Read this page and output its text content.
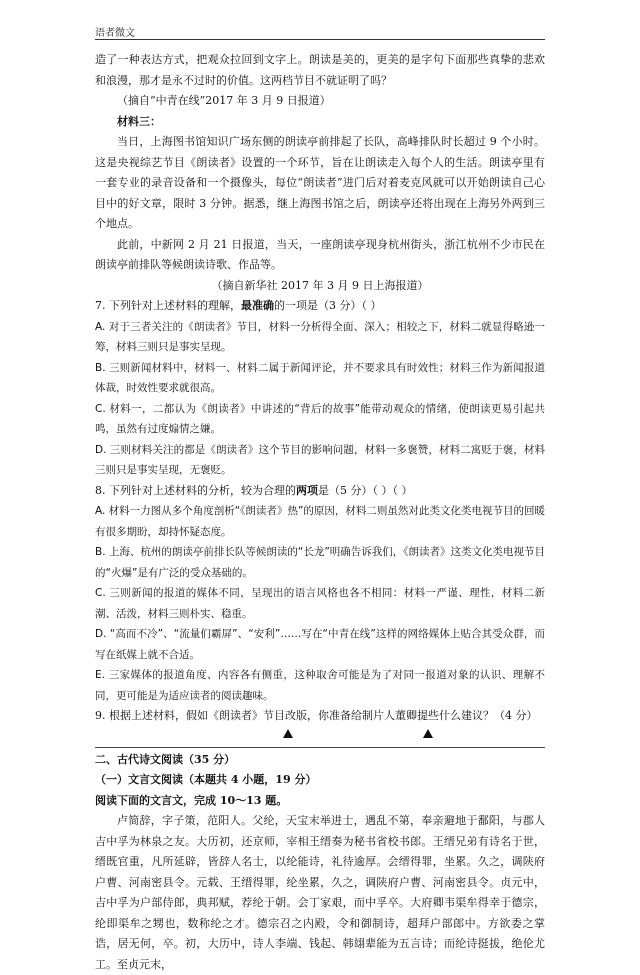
语者微文

造了一种表达方式，把观众拉回到文字上。朗读是美的，更美的是字句下面那些真挚的悲欢和浪漫，那才是永不过时的价值。这两档节目不就证明了吗？

（摘自“中青在线”2017 年 3 月 9 日报道）

材料三：

当日，上海图书馆知识广场东侧的朗读亭前排起了长队，高峰排队时长超过 9 个小时。这是央视综艺节目《朗读者》设置的一个环节，旨在让朗读走入每个人的生活。朗读亭里有一套专业的录音设备和一个摄像头，每位“朗读者”进门后对着麦克风就可以开始朗读自己心目中的好文章，限时 3 分钟。据悉，继上海图书馆之后，朗读亭还将出现在上海另外两到三个地点。

此前，中新网 2 月 21 日报道，当天，一座朗读亭现身杭州街头，浙江杭州不少市民在朗读亭前排队等候朗读诗歌、作品等。

（摘自新华社 2017 年 3 月 9 日上海报道）

7. 下列针对上述材料的理解，最准确的一项是（3 分）（ ）

A. 对于三者关注的《朗读者》节目，材料一分析得全面、深入；相较之下，材料二就显得略逊一筹，材料三则只是事实呈现。

B. 三则新闻材料中，材料一、材料二属于新闻评论，并不要求具有时效性；材料三作为新闻报道体裁，时效性要求就很高。

C. 材料一，二都认为《朗读者》中讲述的“背后的故事”能带动观众的情绪，使朗读更易引起共鸣，虽然有过度煽情之嫌。

D. 三则材料关注的都是《朗读者》这个节目的影响问题，材料一多褒赞，材料二寓贬于褒，材料三则只是事实呈现，无褒贬。

8. 下列针对上述材料的分析，较为合理的两项是（5 分）（ ）（ ）

A. 材料一力图从多个角度剖析“《朗读者》热”的原因，材料二则虽然对此类文化类电视节目的回暖有很多期盼，却持怀疑态度。

B. 上海、杭州的朗读亭前排长队等候朗读的“长龙”明确告诉我们，《朗读者》这类文化类电视节目的“火爆”是有广泛的受众基础的。

C. 三则新闻的报道的媒体不同，呈现出的语言风格也各不相同：材料一严谨、理性，材料二新潮、活泼，材料三则朴实、稳重。

D. “高而不冷”、“流量们霸屏”、“安利”……写在“中青在线”这样的网络媒体上贴合其受众群，而写在纸媒上就不合适。

E. 三家媒体的报道角度、内容各有侧重，这种取舍可能是为了对同一报道对象的认识、理解不同，更可能是为适应读者的阅读趣味。

9. 根据上述材料，假如《朗读者》节目改版，你准备给制片人董卿提些什么建议？（4 分）

二、古代诗文阅读（35 分）

（一）文言文阅读（本题共 4 小题，19 分）

阅读下面的文言文，完成 10～13 题。

卢简辞，字子策，范阳人。父纶，天宝末举进士，遇乱不第，奉亲避地于鄱阳，与郡人吉中孚为林泉之友。大历初，还京师，宰相王缙奏为秘书省校书郎。王缙兄弟有诗名于世，缙既官重，凡所延辟，皆辞人名士，以纶能诗，礼待逾厚。会缙得罪，坐累。久之，调陕府户曹、河南密县令。元载、王缙得罪，纶坐累，久之，调陕府户曹、河南密县令。贞元中，吉中孚为户部侍郎，典邦赋，荐纶于朝。会丁家艰，而中孚卒。大府卿韦渠牟得幸于德宗，纶即渠牟之甥也，数称纶之才。德宗召之内殿，令和御制诗，超拜户部郎中。方欲委之掌诰，居无何，卒。初，大历中，诗人李端、钱起、韩翃辈能为五言诗；而纶诗挺拔，绝伦尤工。至贞元末，
